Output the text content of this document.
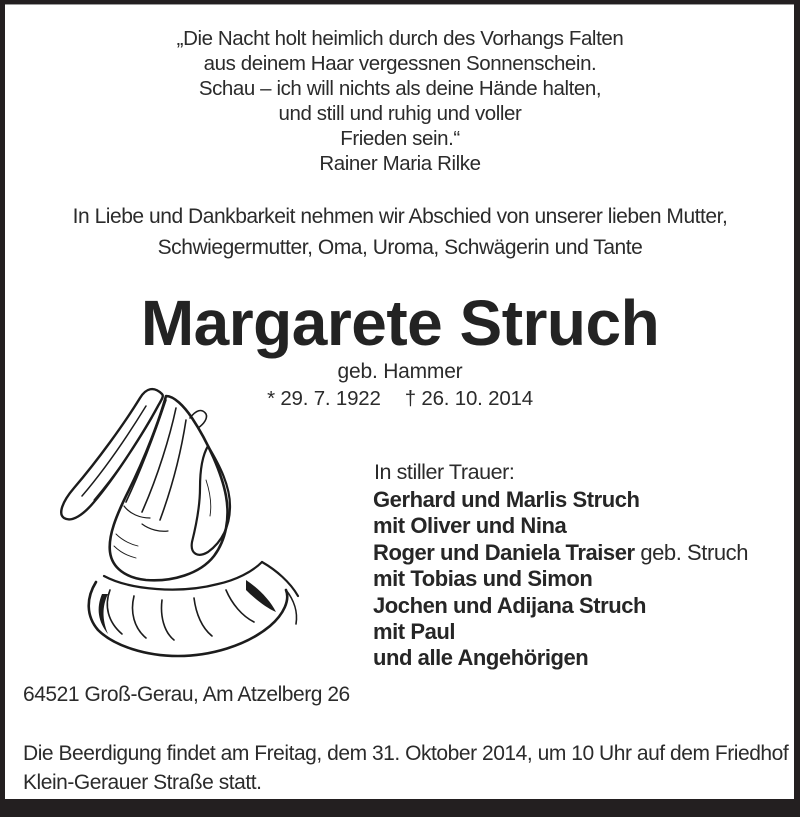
„Die Nacht holt heimlich durch des Vorhangs Falten
aus deinem Haar vergessnen Sonnenschein.
Schau – ich will nichts als deine Hände halten,
und still und ruhig und voller
Frieden sein.“
Rainer Maria Rilke
In Liebe und Dankbarkeit nehmen wir Abschied von unserer lieben Mutter,
Schwiegermutter, Oma, Uroma, Schwägerin und Tante
Margarete Struch
geb. Hammer
* 29. 7. 1922 † 26. 10. 2014
In stiller Trauer:
Gerhard und Marlis Struch
mit Oliver und Nina
Roger und Daniela Traiser geb. Struch
mit Tobias und Simon
Jochen und Adijana Struch
mit Paul
und alle Angehörigen
64521 Groß-Gerau, Am Atzelberg 26
Die Beerdigung findet am Freitag, dem 31. Oktober 2014, um 10 Uhr auf dem Friedhof
Klein-Gerauer Straße statt.
